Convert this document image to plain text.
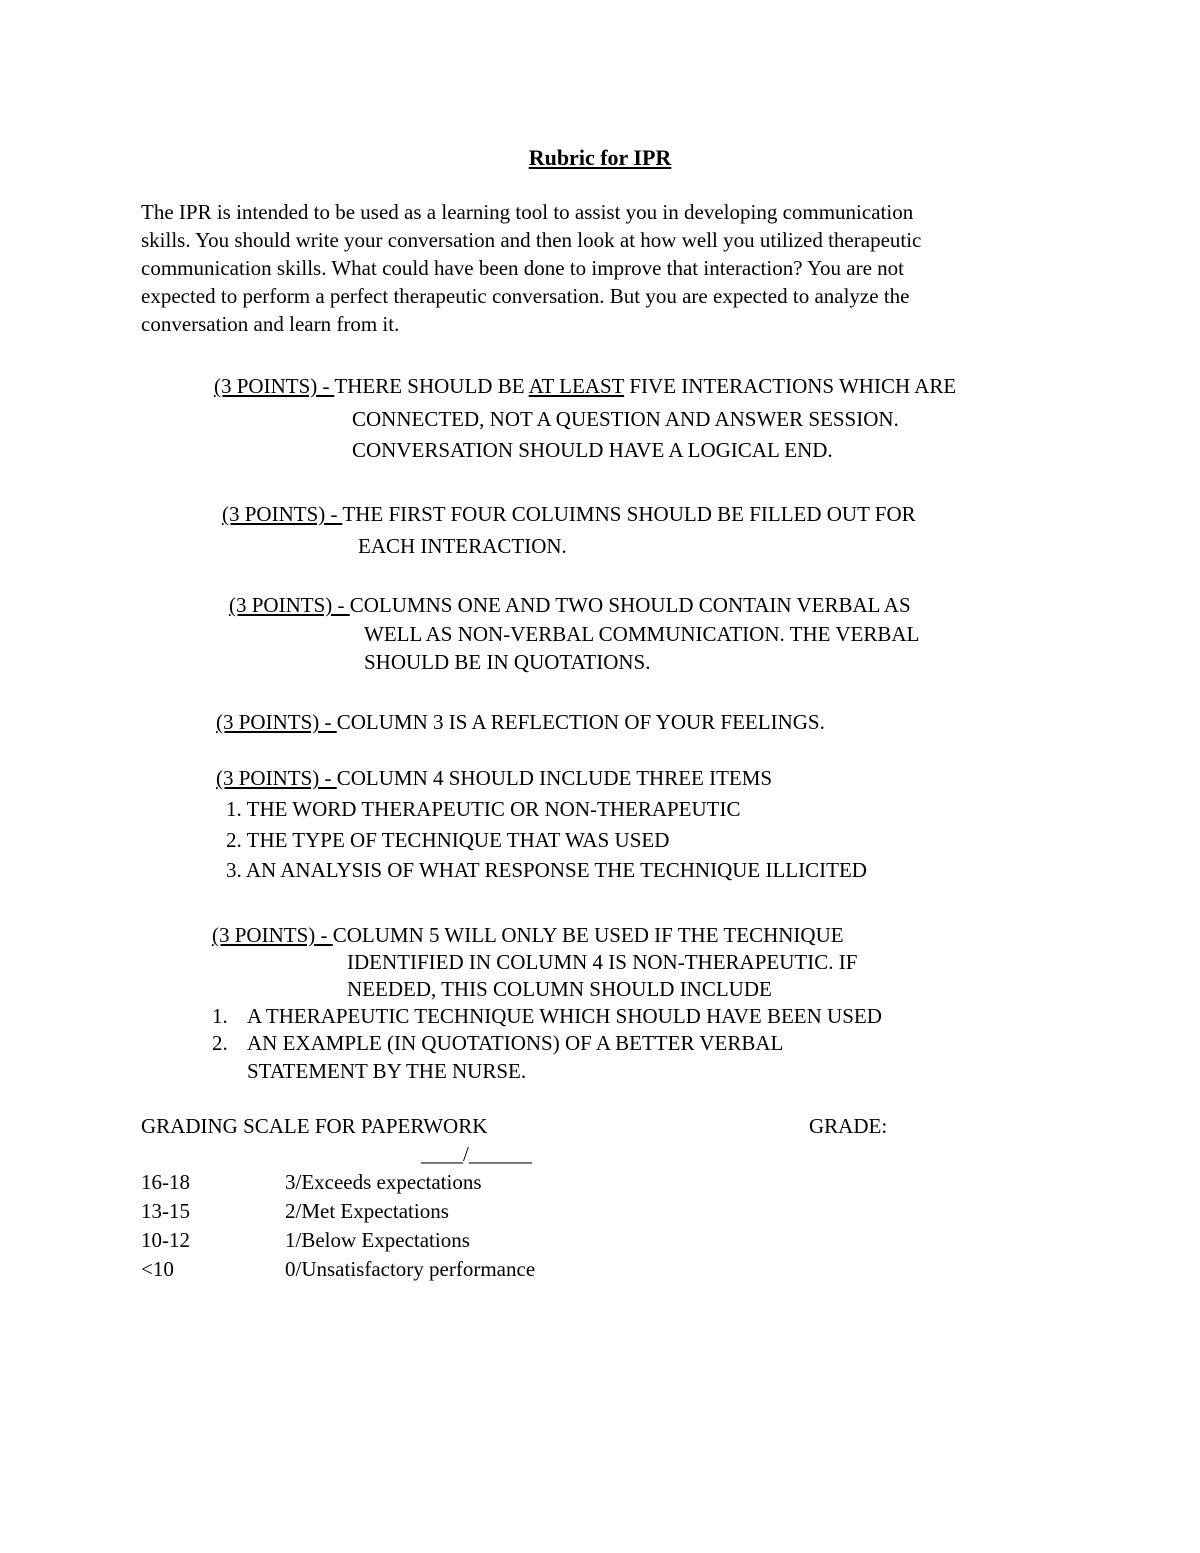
Rubric for IPR
The IPR is intended to be used as a learning tool to assist you in developing communication
skills. You should write your conversation and then look at how well you utilized therapeutic
communication skills. What could have been done to improve that interaction? You are not
expected to perform a perfect therapeutic conversation. But you are expected to analyze the
conversation and learn from it.
(3 POINTS) - THERE SHOULD BE AT LEAST FIVE INTERACTIONS WHICH ARE
CONNECTED, NOT A QUESTION AND ANSWER SESSION.
CONVERSATION SHOULD HAVE A LOGICAL END.
(3 POINTS) - THE FIRST FOUR COLUIMNS SHOULD BE FILLED OUT FOR
EACH INTERACTION.
(3 POINTS) - COLUMNS ONE AND TWO SHOULD CONTAIN VERBAL AS
WELL AS NON-VERBAL COMMUNICATION. THE VERBAL
SHOULD BE IN QUOTATIONS.
(3 POINTS) - COLUMN 3 IS A REFLECTION OF YOUR FEELINGS.
(3 POINTS) - COLUMN 4 SHOULD INCLUDE THREE ITEMS
1. THE WORD THERAPEUTIC OR NON-THERAPEUTIC
2. THE TYPE OF TECHNIQUE THAT WAS USED
3. AN ANALYSIS OF WHAT RESPONSE THE TECHNIQUE ILLICITED
(3 POINTS) - COLUMN 5 WILL ONLY BE USED IF THE TECHNIQUE
IDENTIFIED IN COLUMN 4 IS NON-THERAPEUTIC. IF
NEEDED, THIS COLUMN SHOULD INCLUDE
1. A THERAPEUTIC TECHNIQUE WHICH SHOULD HAVE BEEN USED
2. AN EXAMPLE (IN QUOTATIONS) OF A BETTER VERBAL
STATEMENT BY THE NURSE.
GRADING SCALE FOR PAPERWORK	GRADE:
____/______
16-18	3/Exceeds expectations
13-15	2/Met Expectations
10-12	1/Below Expectations
<10	0/Unsatisfactory performance
